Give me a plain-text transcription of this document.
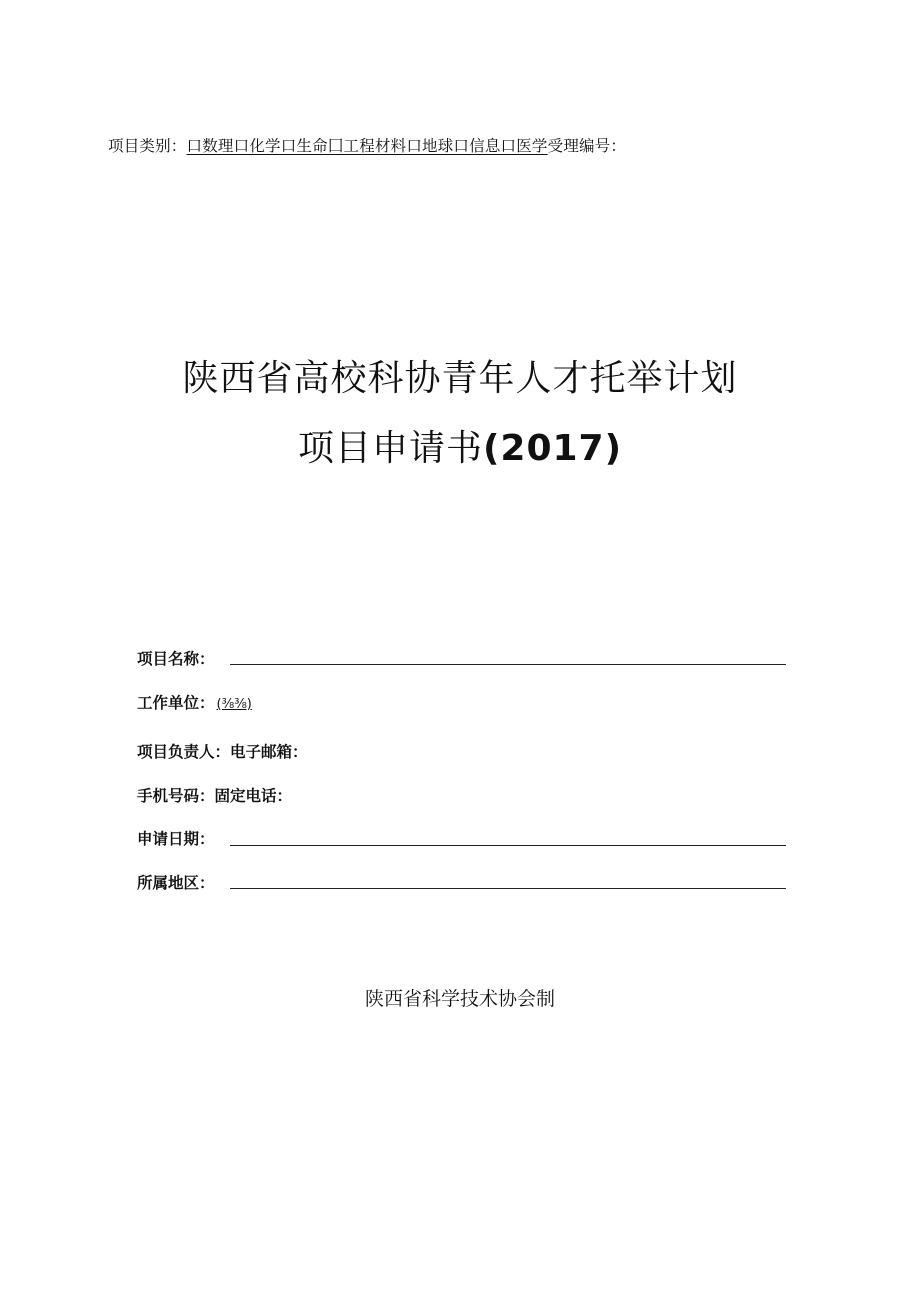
项目类别：口数理口化学口生命囗工程材料口地球口信息口医学受理编号：
陕西省高校科协青年人才托举计划
项目申请书(2017)
项目名称：
工作单位： (⅜⅜)
项目负责人：电子邮箱：
手机号码：固定电话：
申请日期：
所属地区：
陕西省科学技术协会制
